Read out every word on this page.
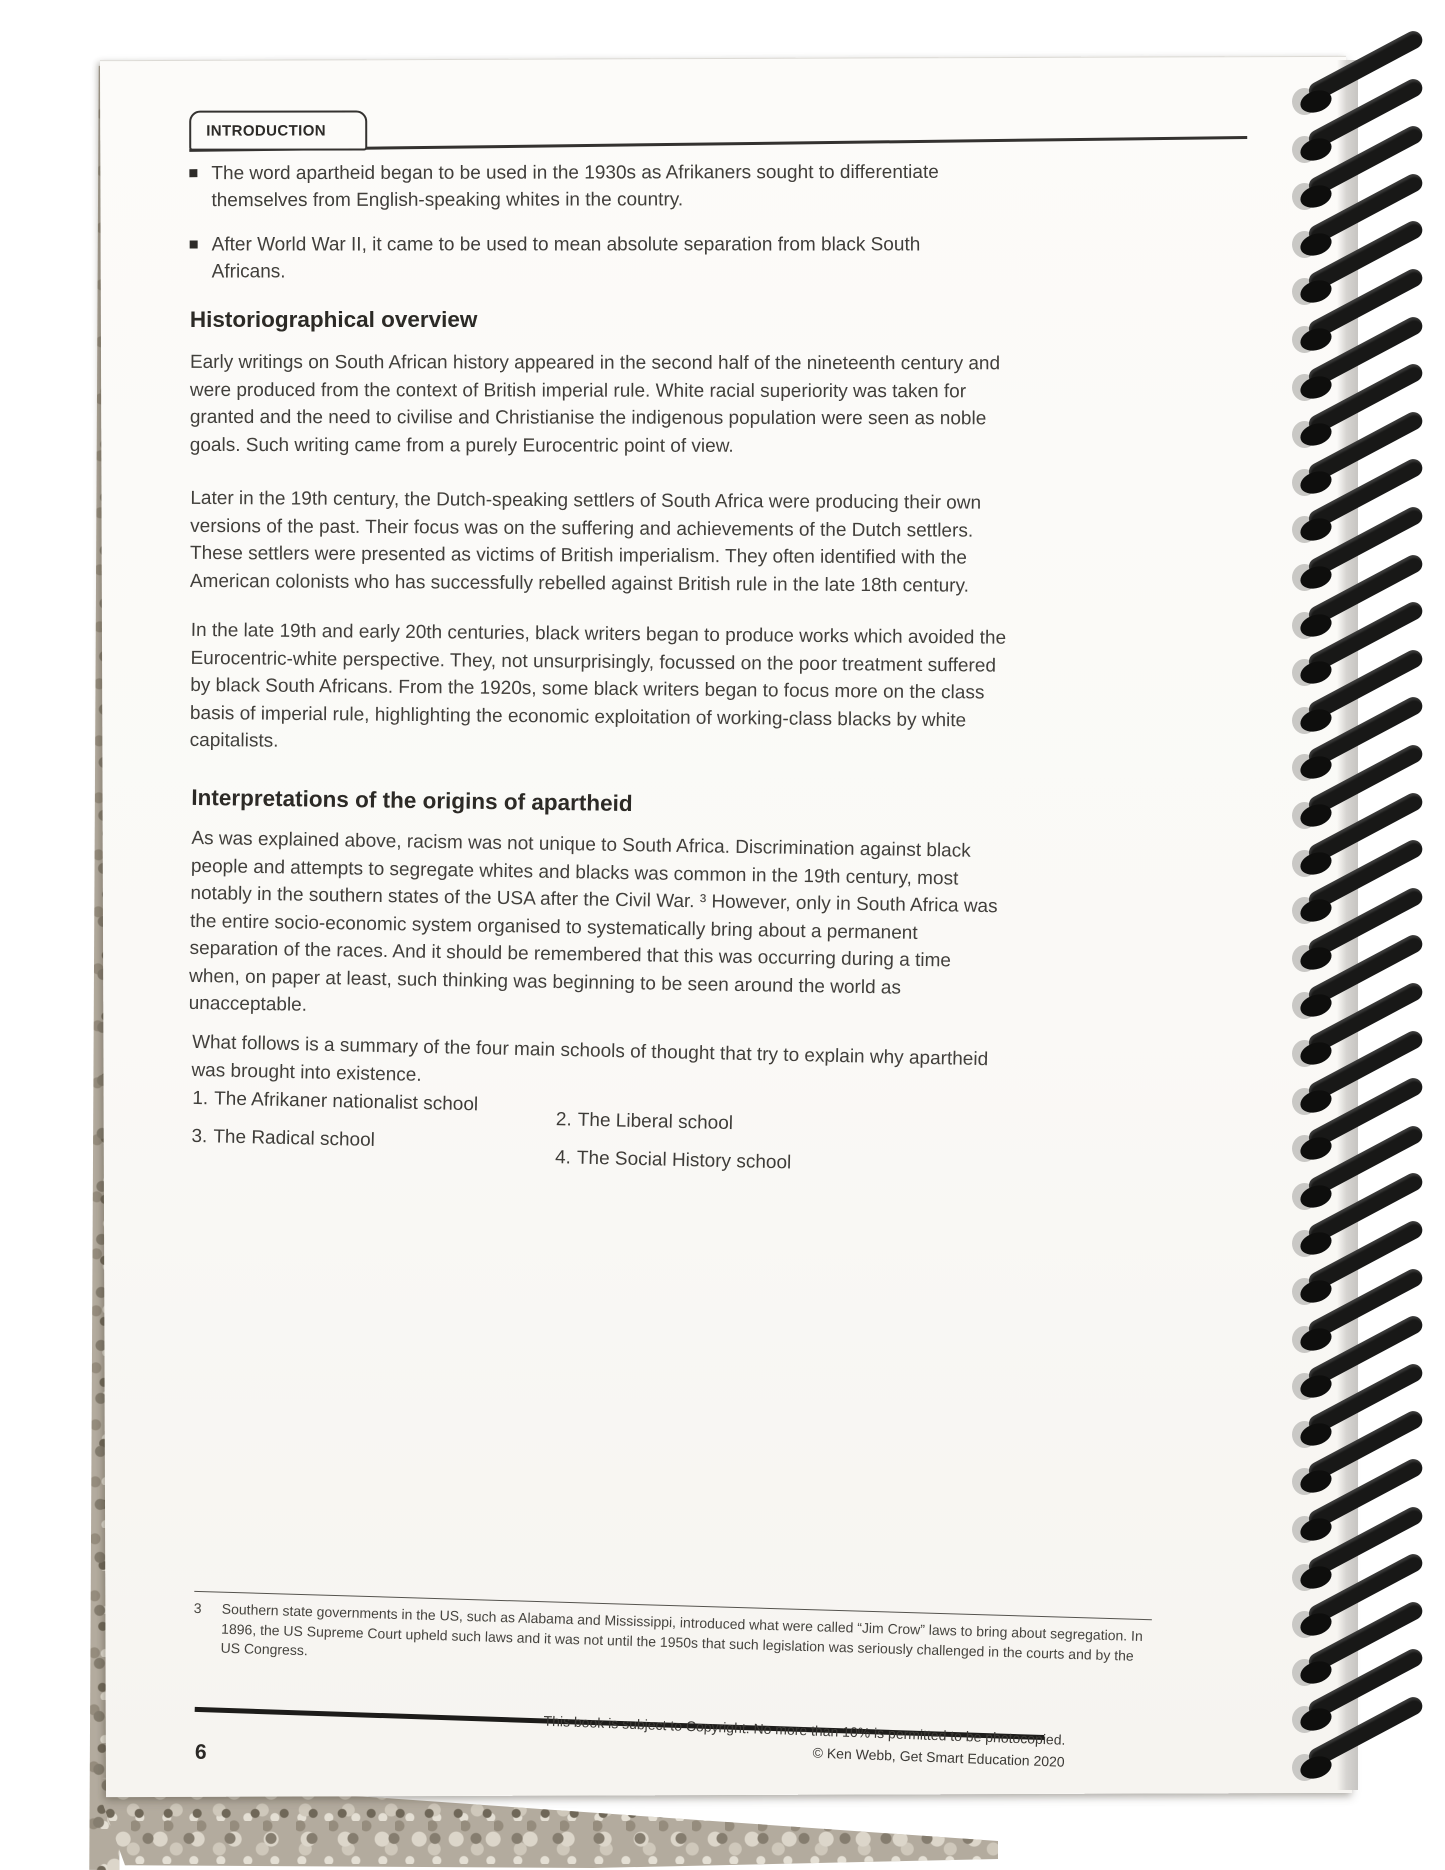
INTRODUCTION

The word apartheid began to be used in the 1930s as Afrikaners sought to differentiate themselves from English-speaking whites in the country.

After World War II, it came to be used to mean absolute separation from black South Africans.

Historiographical overview

Early writings on South African history appeared in the second half of the nineteenth century and were produced from the context of British imperial rule. White racial superiority was taken for granted and the need to civilise and Christianise the indigenous population were seen as noble goals. Such writing came from a purely Eurocentric point of view.

Later in the 19th century, the Dutch-speaking settlers of South Africa were producing their own versions of the past. Their focus was on the suffering and achievements of the Dutch settlers. These settlers were presented as victims of British imperialism. They often identified with the American colonists who has successfully rebelled against British rule in the late 18th century.

In the late 19th and early 20th centuries, black writers began to produce works which avoided the Eurocentric-white perspective. They, not unsurprisingly, focussed on the poor treatment suffered by black South Africans. From the 1920s, some black writers began to focus more on the class basis of imperial rule, highlighting the economic exploitation of working-class blacks by white capitalists.

Interpretations of the origins of apartheid

As was explained above, racism was not unique to South Africa. Discrimination against black people and attempts to segregate whites and blacks was common in the 19th century, most notably in the southern states of the USA after the Civil War. ³ However, only in South Africa was the entire socio-economic system organised to systematically bring about a permanent separation of the races. And it should be remembered that this was occurring during a time when, on paper at least, such thinking was beginning to be seen around the world as unacceptable.

What follows is a summary of the four main schools of thought that try to explain why apartheid was brought into existence.

1. The Afrikaner nationalist school
2. The Liberal school
3. The Radical school
4. The Social History school
3	Southern state governments in the US, such as Alabama and Mississippi, introduced what were called “Jim Crow” laws to bring about segregation. In 1896, the US Supreme Court upheld such laws and it was not until the 1950s that such legislation was seriously challenged in the courts and by the US Congress.

6
This book is subject to Copyright. No more than 10% is permitted to be photocopied.
© Ken Webb, Get Smart Education 2020
